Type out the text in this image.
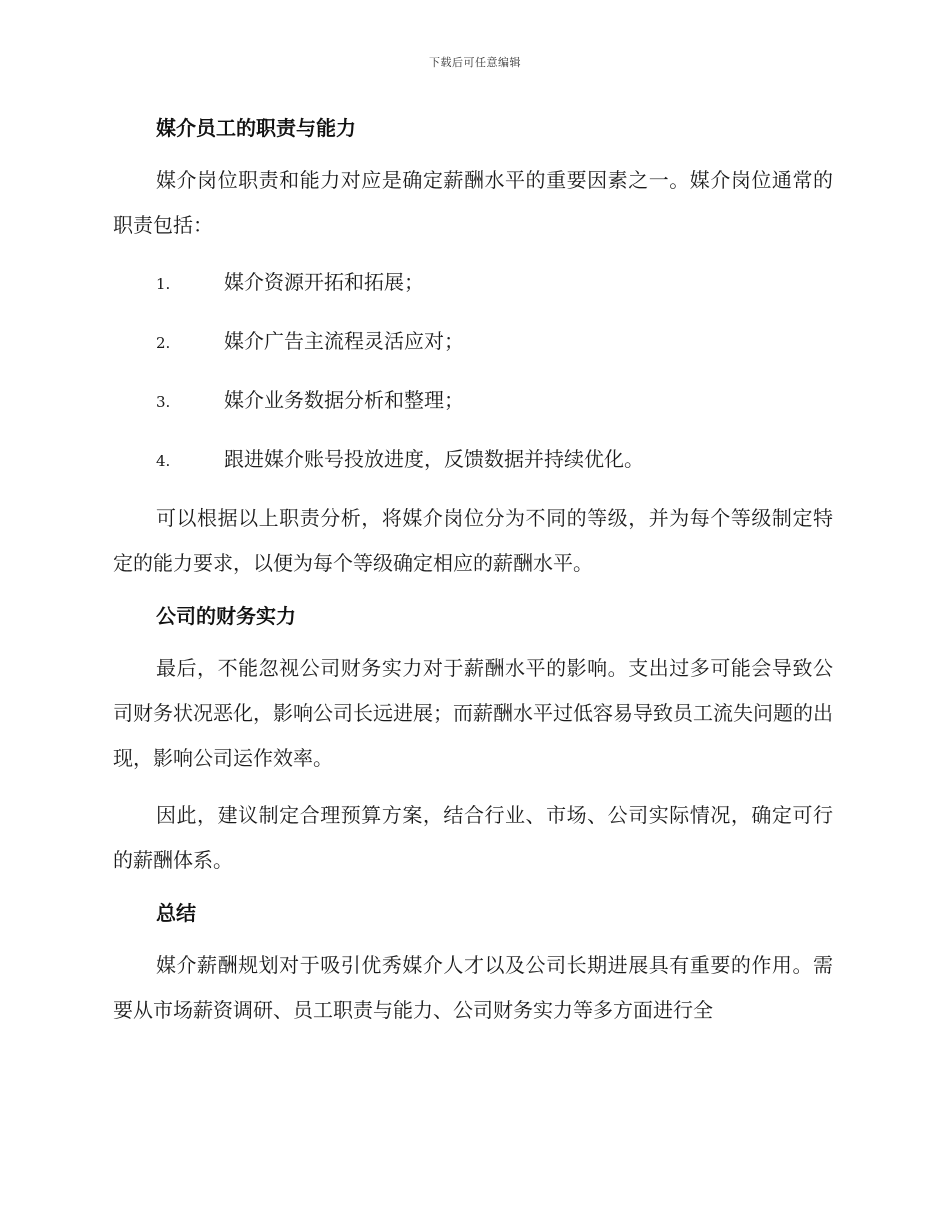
下载后可任意编辑
媒介员工的职责与能力

媒介岗位职责和能力对应是确定薪酬水平的重要因素之一。媒介岗位通常的职责包括：

1.	媒介资源开拓和拓展；
2.	媒介广告主流程灵活应对；
3.	媒介业务数据分析和整理；
4.	跟进媒介账号投放进度，反馈数据并持续优化。

可以根据以上职责分析，将媒介岗位分为不同的等级，并为每个等级制定特定的能力要求，以便为每个等级确定相应的薪酬水平。

公司的财务实力

最后，不能忽视公司财务实力对于薪酬水平的影响。支出过多可能会导致公司财务状况恶化，影响公司长远进展；而薪酬水平过低容易导致员工流失问题的出现，影响公司运作效率。

因此，建议制定合理预算方案，结合行业、市场、公司实际情况，确定可行的薪酬体系。

总结

媒介薪酬规划对于吸引优秀媒介人才以及公司长期进展具有重要的作用。需要从市场薪资调研、员工职责与能力、公司财务实力等多方面进行全
